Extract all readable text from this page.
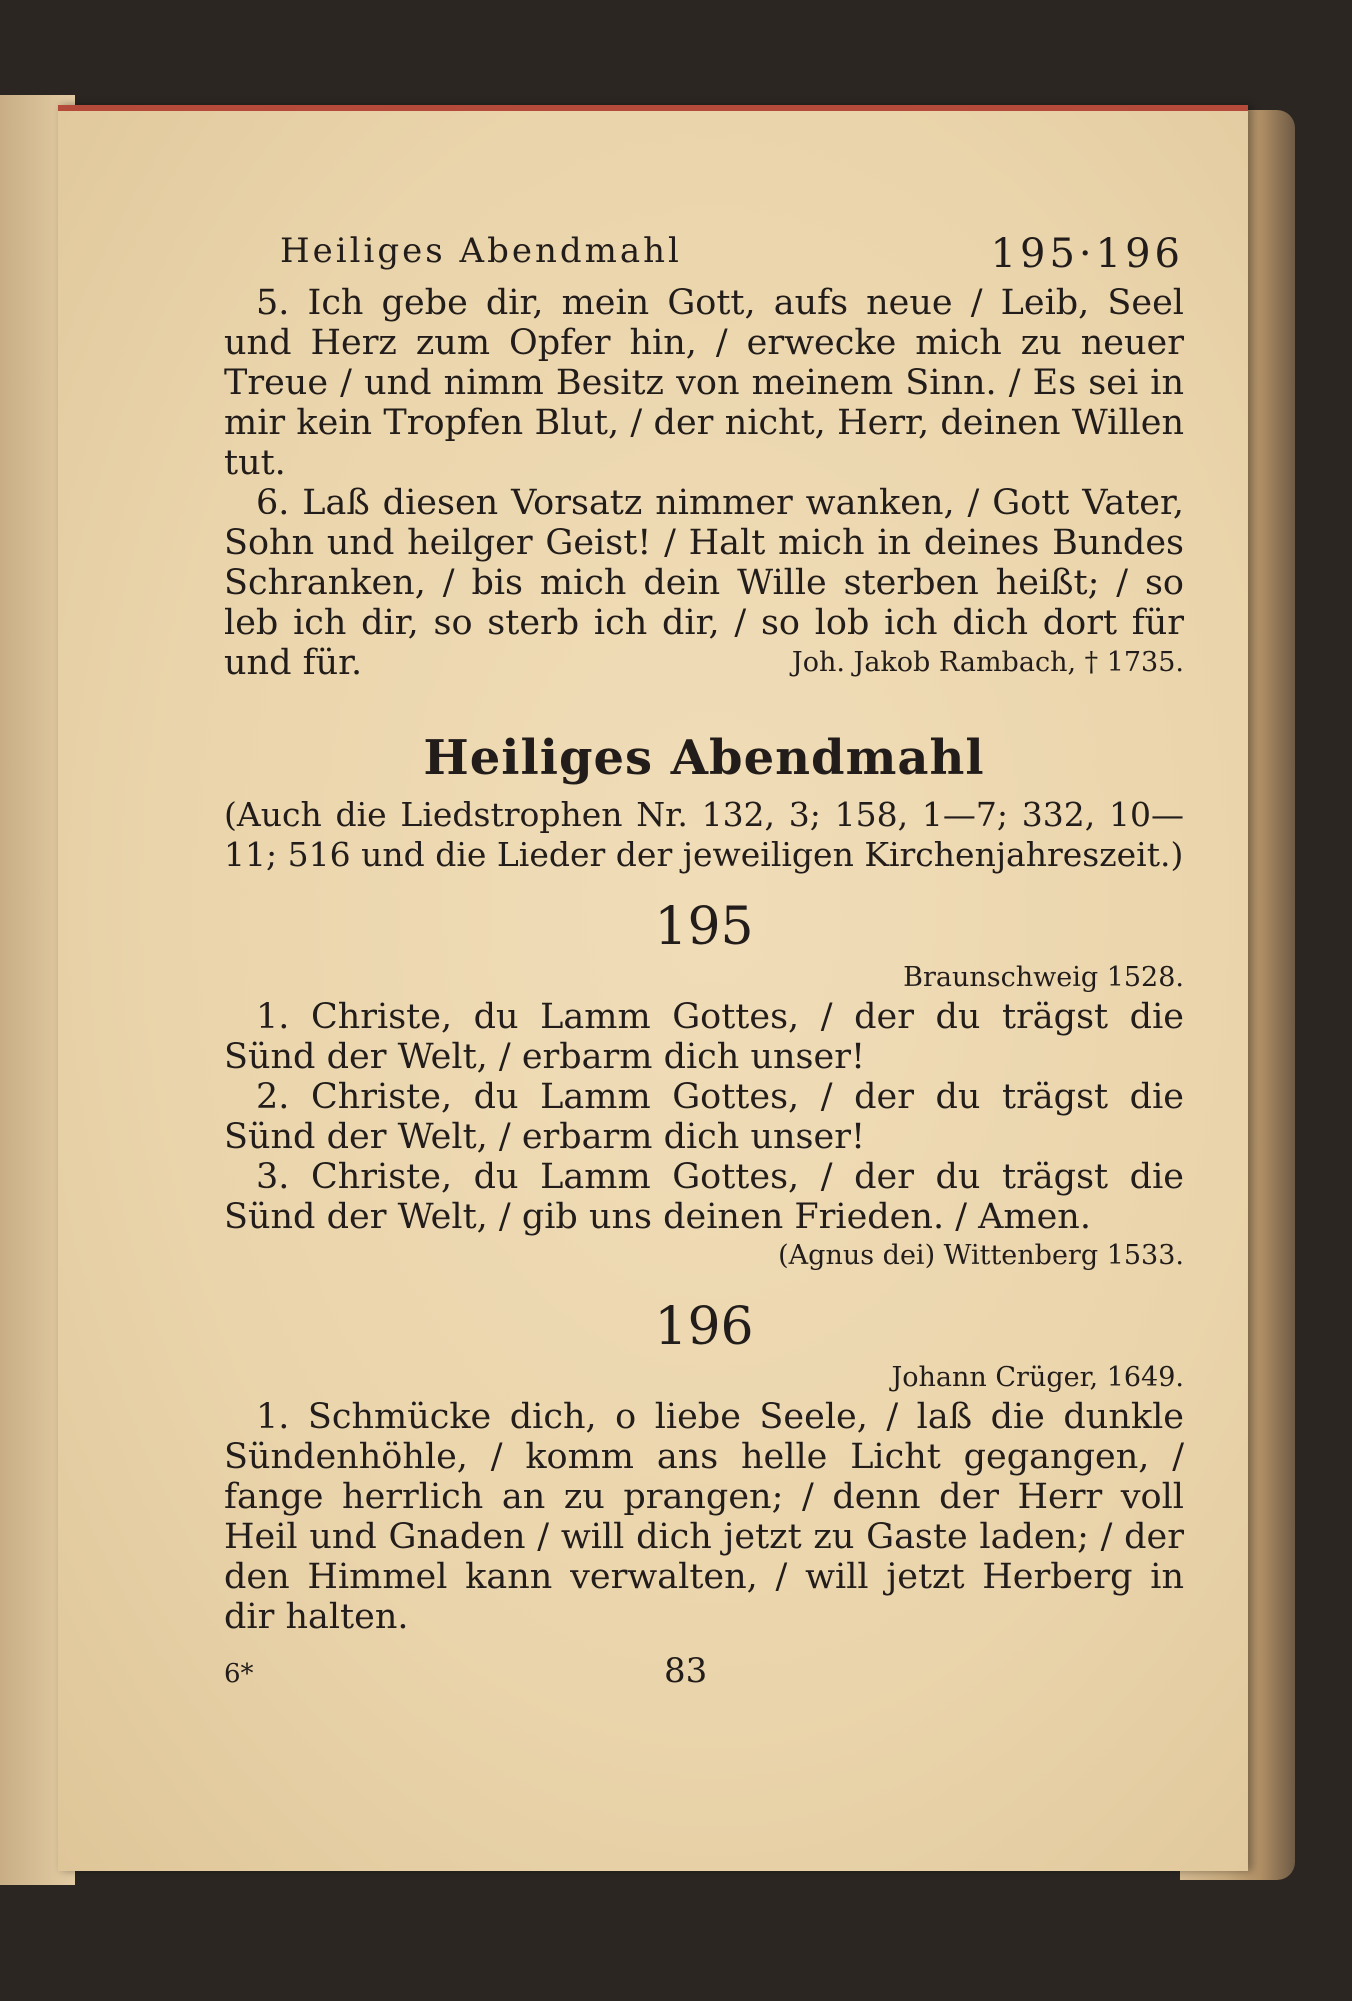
Heiliges Abendmahl	195·196

5. Ich gebe dir, mein Gott, aufs neue / Leib, Seel und Herz zum Opfer hin, / erwecke mich zu neuer Treue / und nimm Besitz von meinem Sinn. / Es sei in mir kein Tropfen Blut, / der nicht, Herr, deinen Willen tut.

6. Laß diesen Vorsatz nimmer wanken, / Gott Vater, Sohn und heilger Geist! / Halt mich in deines Bundes Schranken, / bis mich dein Wille sterben heißt; / so leb ich dir, so sterb ich dir, / so lob ich dich dort für und für.	Joh. Jakob Rambach, † 1735.
Heiliges Abendmahl
(Auch die Liedstrophen Nr. 132, 3; 158, 1—7; 332, 10—11; 516 und die Lieder der jeweiligen Kirchenjahreszeit.)
195
Braunschweig 1528.

1. Christe, du Lamm Gottes, / der du trägst die Sünd der Welt, / erbarm dich unser!

2. Christe, du Lamm Gottes, / der du trägst die Sünd der Welt, / erbarm dich unser!

3. Christe, du Lamm Gottes, / der du trägst die Sünd der Welt, / gib uns deinen Frieden. / Amen.

(Agnus dei) Wittenberg 1533.
196
Johann Crüger, 1649.

1. Schmücke dich, o liebe Seele, / laß die dunkle Sündenhöhle, / komm ans helle Licht gegangen, / fange herrlich an zu prangen; / denn der Herr voll Heil und Gnaden / will dich jetzt zu Gaste laden; / der den Himmel kann verwalten, / will jetzt Herberg in dir halten.

6*	83
